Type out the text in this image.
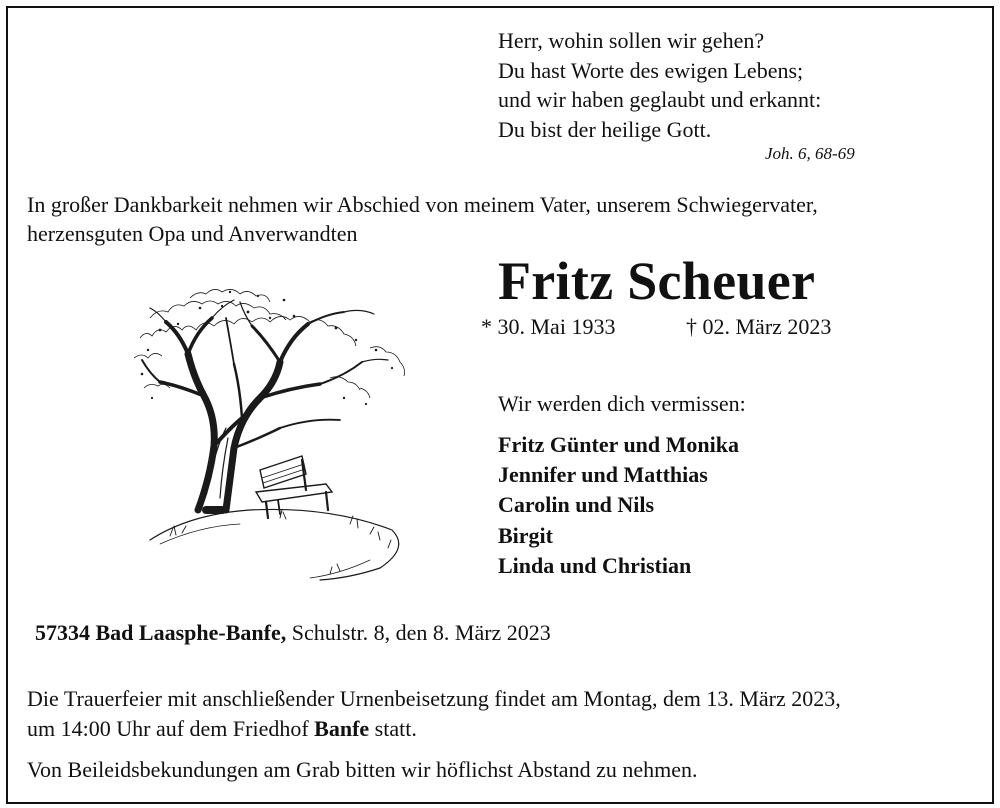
Herr, wohin sollen wir gehen?
Du hast Worte des ewigen Lebens;
und wir haben geglaubt und erkannt:
Du bist der heilige Gott.
Joh. 6, 68-69
In großer Dankbarkeit nehmen wir Abschied von meinem Vater, unserem Schwiegervater,
herzensguten Opa und Anverwandten
Fritz Scheuer
* 30. Mai 1933	† 02. März 2023
Wir werden dich vermissen:
Fritz Günter und Monika
Jennifer und Matthias
Carolin und Nils
Birgit
Linda und Christian
57334 Bad Laasphe-Banfe, Schulstr. 8, den 8. März 2023
Die Trauerfeier mit anschließender Urnenbeisetzung findet am Montag, dem 13. März 2023,
um 14:00 Uhr auf dem Friedhof Banfe statt.
Von Beileidsbekundungen am Grab bitten wir höflichst Abstand zu nehmen.
